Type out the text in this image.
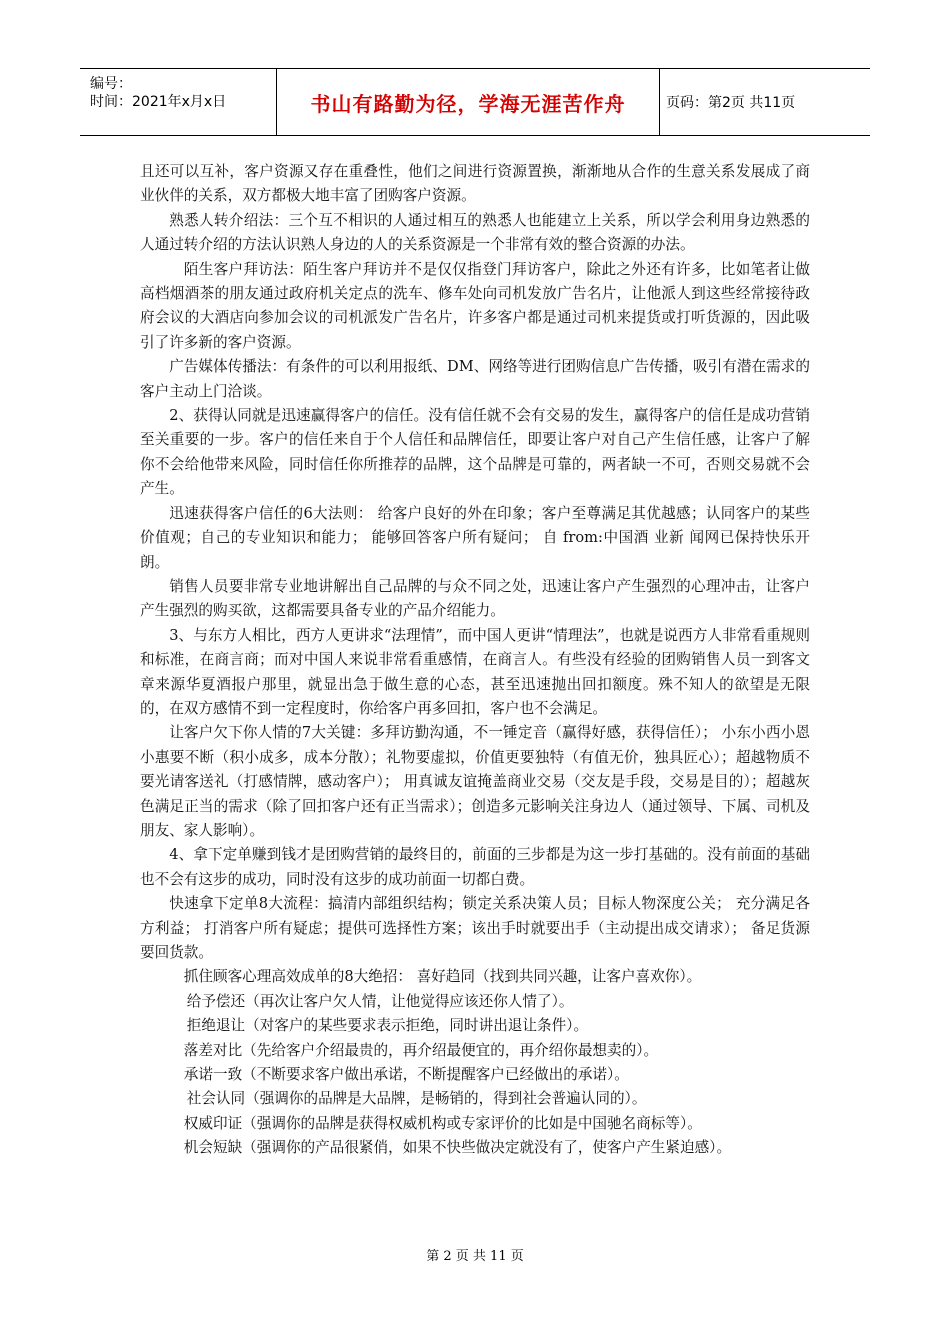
编号：
时间：2021年x月x日	书山有路勤为径，学海无涯苦作舟	页码：第2页 共11页

且还可以互补，客户资源又存在重叠性，他们之间进行资源置换，渐渐地从合作的生意关系发展成了商业伙伴的关系，双方都极大地丰富了团购客户资源。

熟悉人转介绍法：三个互不相识的人通过相互的熟悉人也能建立上关系，所以学会利用身边熟悉的人通过转介绍的方法认识熟人身边的人的关系资源是一个非常有效的整合资源的办法。

陌生客户拜访法：陌生客户拜访并不是仅仅指登门拜访客户，除此之外还有许多，比如笔者让做高档烟酒茶的朋友通过政府机关定点的洗车、修车处向司机发放广告名片，让他派人到这些经常接待政府会议的大酒店向参加会议的司机派发广告名片，许多客户都是通过司机来提货或打听货源的，因此吸引了许多新的客户资源。

广告媒体传播法：有条件的可以利用报纸、DM、网络等进行团购信息广告传播，吸引有潜在需求的客户主动上门洽谈。

2、获得认同就是迅速赢得客户的信任。没有信任就不会有交易的发生，赢得客户的信任是成功营销至关重要的一步。客户的信任来自于个人信任和品牌信任，即要让客户对自己产生信任感，让客户了解你不会给他带来风险，同时信任你所推荐的品牌，这个品牌是可靠的，两者缺一不可，否则交易就不会产生。

迅速获得客户信任的6大法则： 给客户良好的外在印象；客户至尊满足其优越感；认同客户的某些价值观；自己的专业知识和能力； 能够回答客户所有疑问； 自 from:中国酒 业新 闻网已保持快乐开朗。

销售人员要非常专业地讲解出自己品牌的与众不同之处，迅速让客户产生强烈的心理冲击，让客户产生强烈的购买欲，这都需要具备专业的产品介绍能力。

3、与东方人相比，西方人更讲求“法理情”，而中国人更讲“情理法”，也就是说西方人非常看重规则和标准，在商言商；而对中国人来说非常看重感情，在商言人。有些没有经验的团购销售人员一到客文章来源华夏酒报户那里，就显出急于做生意的心态，甚至迅速抛出回扣额度。殊不知人的欲望是无限的，在双方感情不到一定程度时，你给客户再多回扣，客户也不会满足。

让客户欠下你人情的7大关键：多拜访勤沟通，不一锤定音（赢得好感，获得信任）； 小东小西小恩小惠要不断（积小成多，成本分散）；礼物要虚拟，价值更要独特（有值无价，独具匠心）；超越物质不要光请客送礼（打感情牌，感动客户）； 用真诚友谊掩盖商业交易（交友是手段，交易是目的）；超越灰色满足正当的需求（除了回扣客户还有正当需求）；创造多元影响关注身边人（通过领导、下属、司机及朋友、家人影响）。

4、拿下定单赚到钱才是团购营销的最终目的，前面的三步都是为这一步打基础的。没有前面的基础也不会有这步的成功，同时没有这步的成功前面一切都白费。

快速拿下定单8大流程：搞清内部组织结构；锁定关系决策人员；目标人物深度公关； 充分满足各方利益； 打消客户所有疑虑；提供可选择性方案；该出手时就要出手（主动提出成交请求）； 备足货源要回货款。

抓住顾客心理高效成单的8大绝招： 喜好趋同（找到共同兴趣，让客户喜欢你）。

给予偿还（再次让客户欠人情，让他觉得应该还你人情了）。

拒绝退让（对客户的某些要求表示拒绝，同时讲出退让条件）。

落差对比（先给客户介绍最贵的，再介绍最便宜的，再介绍你最想卖的）。

承诺一致（不断要求客户做出承诺，不断提醒客户已经做出的承诺）。

社会认同（强调你的品牌是大品牌，是畅销的，得到社会普遍认同的）。

权威印证（强调你的品牌是获得权威机构或专家评价的比如是中国驰名商标等）。

机会短缺（强调你的产品很紧俏，如果不快些做决定就没有了，使客户产生紧迫感）。

第 2 页 共 11 页
